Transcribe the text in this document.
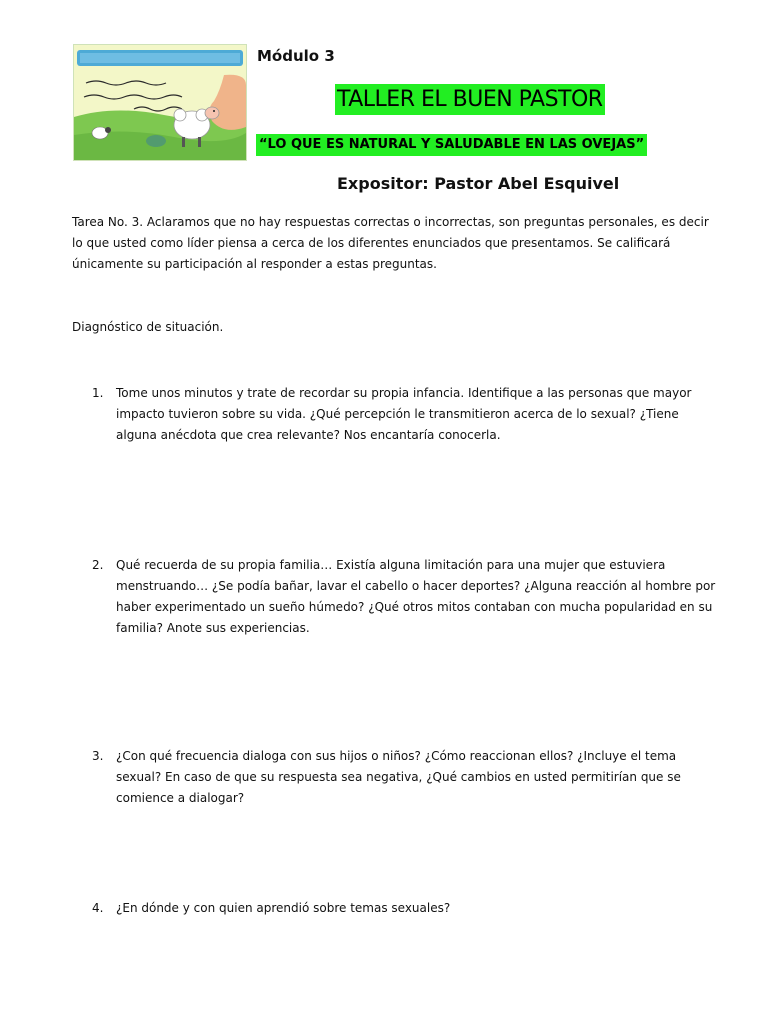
Módulo 3
TALLER EL BUEN PASTOR
“LO QUE ES NATURAL Y SALUDABLE EN LAS OVEJAS”
Expositor: Pastor Abel Esquivel

Tarea No. 3. Aclaramos que no hay respuestas correctas o incorrectas, son preguntas personales, es decir lo que usted como líder piensa a cerca de los diferentes enunciados que presentamos. Se calificará únicamente su participación al responder a estas preguntas.

Diagnóstico de situación.

1.	Tome unos minutos y trate de recordar su propia infancia. Identifique a las personas que mayor impacto tuvieron sobre su vida. ¿Qué percepción le transmitieron acerca de lo sexual? ¿Tiene alguna anécdota que crea relevante? Nos encantaría conocerla.
2.	Qué recuerda de su propia familia… Existía alguna limitación para una mujer que estuviera menstruando… ¿Se podía bañar, lavar el cabello o hacer deportes? ¿Alguna reacción al hombre por haber experimentado un sueño húmedo? ¿Qué otros mitos contaban con mucha popularidad en su familia? Anote sus experiencias.
3.	¿Con qué frecuencia dialoga con sus hijos o niños? ¿Cómo reaccionan ellos? ¿Incluye el tema sexual? En caso de que su respuesta sea negativa, ¿Qué cambios en usted permitirían que se comience a dialogar?
4.	¿En dónde y con quien aprendió sobre temas sexuales?
